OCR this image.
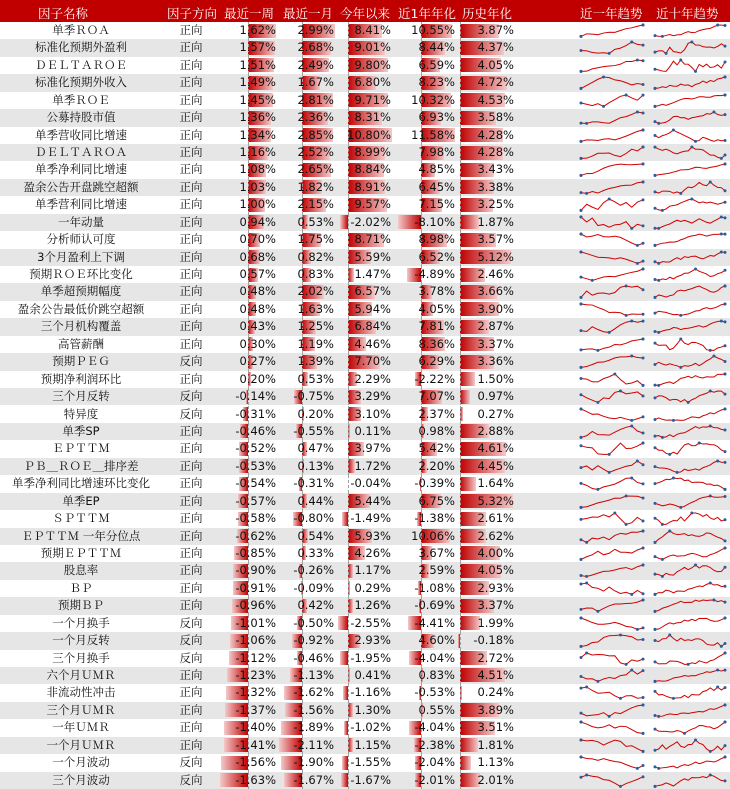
因子名称	因子方向 最近一周 最近一月 今年以来 近1年年化 历史年化	近一年趋势 近十年趋势
单季ＲＯＡ	正向	1.62%	2.99%	8.41%	10.55%	3.87%
标准化预期外盈利	正向	1.57%	2.68%	9.01%	8.44%	4.37%
ＤＥＬＴＡＲＯＥ	正向	1.51%	2.49%	9.80%	6.59%	4.05%
标准化预期外收入	正向	1.49%	1.67%	6.80%	8.23%	4.72%
单季ＲＯＥ	正向	1.45%	2.81%	9.71%	10.32%	4.53%
公募持股市值	正向	1.36%	2.36%	8.31%	6.93%	3.58%
单季营收同比增速	正向	1.34%	2.85%	10.80%	11.58%	4.28%
ＤＥＬＴＡＲＯＡ	正向	1.16%	2.52%	8.99%	7.98%	4.28%
单季净利同比增速	正向	1.08%	2.65%	8.84%	4.85%	3.43%
盈余公告开盘跳空超额	正向	1.03%	1.82%	8.91%	6.45%	3.38%
单季营利同比增速	正向	1.00%	2.15%	9.57%	7.15%	3.25%
一年动量	正向	0.94%	0.53%	-2.02%	-8.10%	1.87%
分析师认可度	正向	0.70%	1.75%	8.71%	8.98%	3.57%
3个月盈利上下调	正向	0.68%	0.82%	5.59%	6.52%	5.12%
预期ＲＯＥ环比变化	正向	0.57%	0.83%	1.47%	-4.89%	2.46%
单季超预期幅度	正向	0.48%	2.02%	6.57%	3.78%	3.66%
盈余公告最低价跳空超额	正向	0.48%	1.63%	5.94%	4.05%	3.90%
三个月机构覆盖	正向	0.43%	1.25%	6.84%	7.81%	2.87%
高管薪酬	正向	0.30%	1.19%	4.46%	8.36%	3.37%
预期ＰＥＧ	反向	0.27%	1.39%	7.70%	6.29%	3.36%
预期净利润环比	正向	0.20%	0.53%	2.29%	-2.22%	1.50%
三个月反转	反向	-0.14%	-0.75%	3.29%	7.07%	0.97%
特异度	反向	-0.31%	0.20%	3.10%	2.37%	0.27%
单季SP	正向	-0.46%	-0.55%	0.11%	0.98%	2.88%
ＥＰＴＴＭ	正向	-0.52%	0.47%	3.97%	5.42%	4.61%
ＰＢ＿ＲＯＥ＿排序差	正向	-0.53%	0.13%	1.72%	2.20%	4.45%
单季净利同比增速环比变化	正向	-0.54%	-0.31%	-0.04%	-0.39%	1.64%
单季EP	正向	-0.57%	0.44%	5.44%	6.75%	5.32%
ＳＰＴＴＭ	正向	-0.58%	-0.80%	-1.49%	-1.38%	2.61%
ＥＰＴＴＭ 一年分位点	正向	-0.62%	0.54%	5.93%	10.06%	2.62%
预期ＥＰＴＴＭ	正向	-0.85%	0.33%	4.26%	3.67%	4.00%
股息率	正向	-0.90%	-0.26%	1.17%	2.59%	4.05%
ＢＰ	正向	-0.91%	-0.09%	0.29%	-1.08%	2.93%
预期ＢＰ	正向	-0.96%	0.42%	1.26%	-0.69%	3.37%
一个月换手	反向	-1.01%	-0.50%	-2.55%	-4.41%	1.99%
一个月反转	反向	-1.06%	-0.92%	2.93%	4.60%	-0.18%
三个月换手	反向	-1.12%	-0.46%	-1.95%	-4.04%	2.72%
六个月ＵＭＲ	正向	-1.23%	-1.13%	0.41%	0.83%	4.51%
非流动性冲击	正向	-1.32%	-1.62%	-1.16%	-0.53%	0.24%
三个月ＵＭＲ	正向	-1.37%	-1.56%	1.30%	0.55%	3.89%
一年ＵＭＲ	正向	-1.40%	-1.89%	-1.02%	-4.04%	3.51%
一个月ＵＭＲ	正向	-1.41%	-2.11%	1.15%	-2.38%	1.81%
一个月波动	反向	-1.56%	-1.90%	-1.55%	-2.04%	1.13%
三个月波动	反向	-1.63%	-1.67%	-1.67%	-2.01%	2.01%
